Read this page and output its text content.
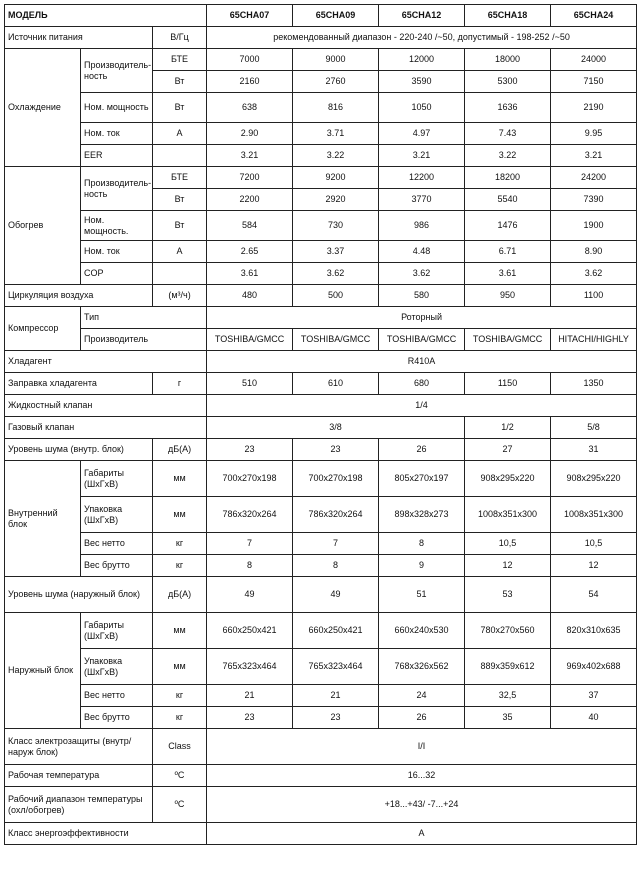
МОДЕЛЬ			65CHA07	65CHA09	65CHA12	65CHA18	65CHA24
Источник питания		В/Гц	рекомендованный диапазон - 220-240 /~50, допустимый - 198-252 /~50				
Охлаждение	Производитель-ность	БТЕ	7000	9000	12000	18000	24000
		Вт	2160	2760	3590	5300	7150
	Ном. мощность	Вт	638	816	1050	1636	2190
	Ном. ток	А	2.90	3.71	4.97	7.43	9.95
	EER		3.21	3.22	3.21	3.22	3.21
Обогрев	Производитель-ность	БТЕ	7200	9200	12200	18200	24200
		Вт	2200	2920	3770	5540	7390
	Ном. мощность.	Вт	584	730	986	1476	1900
	Ном. ток	А	2.65	3.37	4.48	6.71	8.90
	COP		3.61	3.62	3.62	3.61	3.62
Циркуляция воздуха		(м³/ч)	480	500	580	950	1100
Компрессор	Тип		Роторный				
	Производитель		TOSHIBA/GMCC	TOSHIBA/GMCC	TOSHIBA/GMCC	TOSHIBA/GMCC	HITACHI/HIGHLY
Хладагент			R410A				
Заправка хладагента		г	510	610	680	1150	1350
Жидкостный клапан			1/4				
Газовый клапан			3/8			1/2	5/8
Уровень шума (внутр. блок)		дБ(А)	23	23	26	27	31
Внутренний блок	Габариты (ШхГхВ)	мм	700x270x198	700x270x198	805x270x197	908x295x220	908x295x220
	Упаковка (ШхГхВ)	мм	786x320x264	786x320x264	898x328x273	1008x351x300	1008x351x300
	Вес нетто	кг	7	7	8	10,5	10,5
	Вес брутто	кг	8	8	9	12	12
Уровень шума (наружный блок)		дБ(А)	49	49	51	53	54
Наружный блок	Габариты (ШхГхВ)	мм	660x250x421	660x250x421	660x240x530	780x270x560	820x310x635
	Упаковка (ШхГхВ)	мм	765x323x464	765x323x464	768x326x562	889x359x612	969x402x688
	Вес нетто	кг	21	21	24	32,5	37
	Вес брутто	кг	23	23	26	35	40
Класс электрозащиты (внутр/наруж блок)		Class	I/I				
Рабочая температура		ºС	16...32				
Рабочий диапазон температуры (охл/обогрев)		ºС	+18...+43/ -7...+24				
Класс энергоэффективности			А				
